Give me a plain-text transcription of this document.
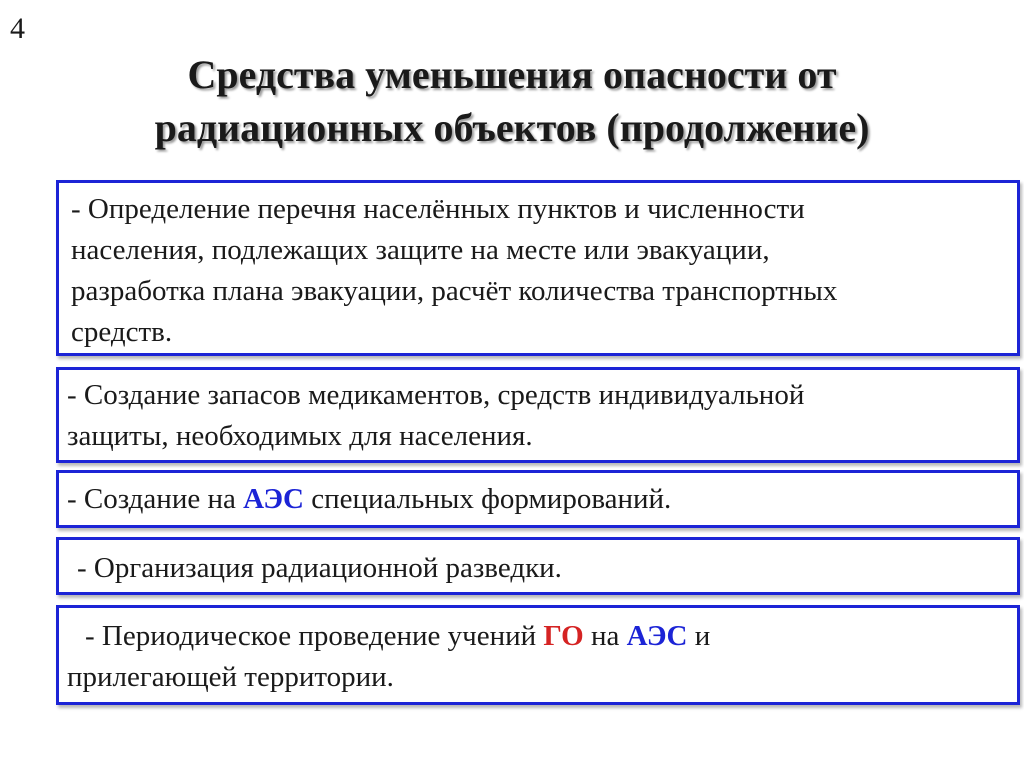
4
Средства уменьшения опасности от
радиационных объектов (продолжение)

- Определение перечня населённых пунктов и численности

населения, подлежащих защите на месте или эвакуации,

разработка плана эвакуации, расчёт количества транспортных

средств.

- Создание запасов медикаментов, средств индивидуальной

защиты, необходимых для населения.

- Создание на АЭС специальных формирований.

- Организация радиационной разведки.

- Периодическое проведение учений ГО на АЭС и

прилегающей территории.
